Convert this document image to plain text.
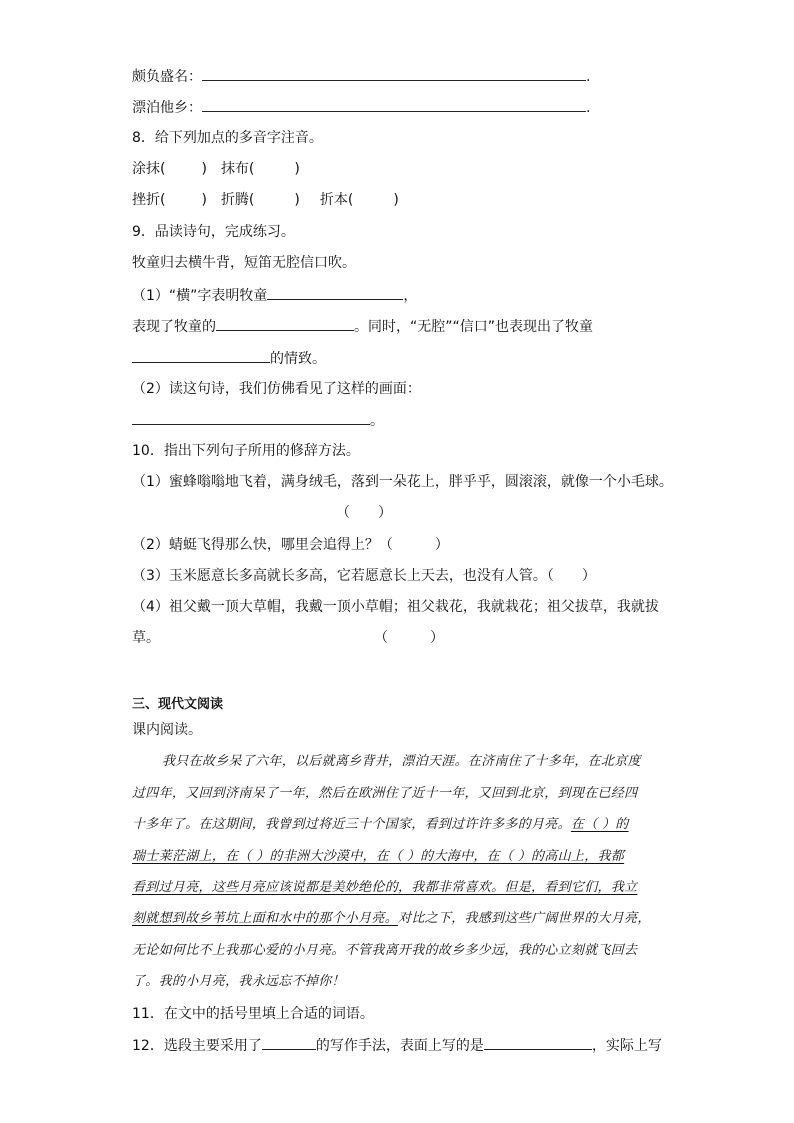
颇负盛名：	.
漂泊他乡：	.
8．给下列加点的多音字注音。
涂抹(	) 抹布(	)
挫折(	) 折腾(	) 折本(	)
9．品读诗句，完成练习。
牧童归去横牛背，短笛无腔信口吹。
（1）“横”字表明牧童	，
表现了牧童的	。同时，“无腔”“信口”也表现出了牧童
的情致。
（2）读这句诗，我们仿佛看见了这样的画面：
。
10．指出下列句子所用的修辞方法。
（1）蜜蜂嗡嗡地飞着，满身绒毛，落到一朵花上，胖乎乎，圆滚滚，就像一个小毛球。
（　　）
（2）蜻蜓飞得那么快，哪里会追得上？（　　　）
（3）玉米愿意长多高就长多高，它若愿意长上天去，也没有人管。（　　）
（4）祖父戴一顶大草帽，我戴一顶小草帽；祖父栽花，我就栽花；祖父拔草，我就拔
草。	（　　　）
三、现代文阅读
课内阅读。
我只在故乡呆了六年，以后就离乡背井，漂泊天涯。在济南住了十多年，在北京度
过四年，又回到济南呆了一年，然后在欧洲住了近十一年，又回到北京，到现在已经四
十多年了。在这期间，我曾到过将近三十个国家，看到过许许多多的月亮。在（ ）的
瑞士莱茫湖上，在（ ）的非洲大沙漠中，在（ ）的大海中，在（ ）的高山上，我都
看到过月亮，这些月亮应该说都是美妙绝伦的，我都非常喜欢。但是，看到它们，我立
刻就想到故乡苇坑上面和水中的那个小月亮。对比之下，我感到这些广阔世界的大月亮，
无论如何比不上我那心爱的小月亮。不管我离开我的故乡多少远，我的心立刻就飞回去
了。我的小月亮，我永远忘不掉你！
11．在文中的括号里填上合适的词语。
12．选段主要采用了	的写作手法，表面上写的是	，实际上写
